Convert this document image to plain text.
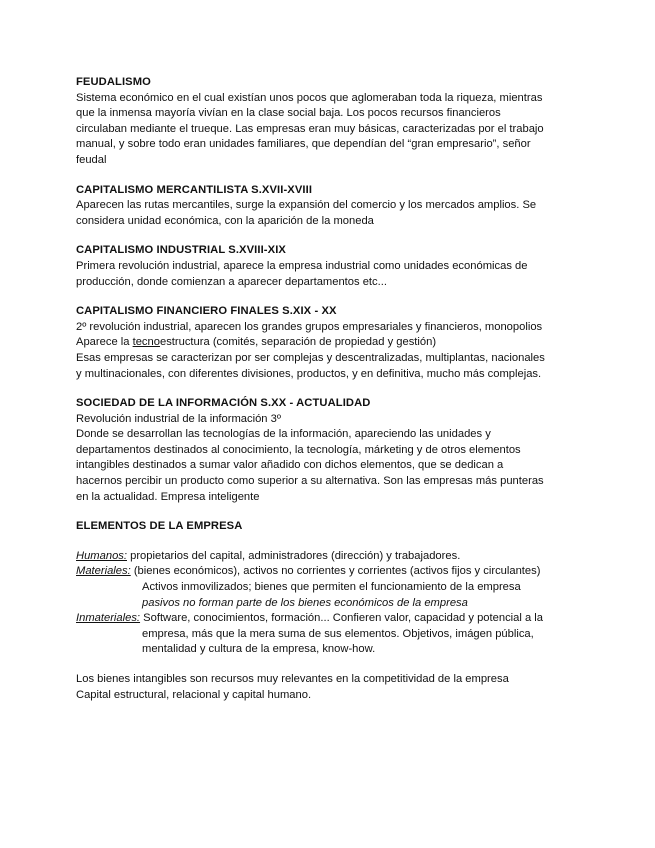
FEUDALISMO

Sistema económico en el cual existían unos pocos que aglomeraban toda la riqueza, mientras

que la inmensa mayoría vivían en la clase social baja. Los pocos recursos financieros

circulaban mediante el trueque. Las empresas eran muy básicas, caracterizadas por el trabajo

manual, y sobre todo eran unidades familiares, que dependían del “gran empresario”, señor

feudal

CAPITALISMO MERCANTILISTA S.XVII-XVIII

Aparecen las rutas mercantiles, surge la expansión del comercio y los mercados amplios. Se

considera unidad económica, con la aparición de la moneda

CAPITALISMO INDUSTRIAL S.XVIII-XIX

Primera revolución industrial, aparece la empresa industrial como unidades económicas de

producción, donde comienzan a aparecer departamentos etc...

CAPITALISMO FINANCIERO FINALES S.XIX - XX

2º revolución industrial, aparecen los grandes grupos empresariales y financieros, monopolios

Aparece la tecnoestructura (comités, separación de propiedad y gestión)

Esas empresas se caracterizan por ser complejas y descentralizadas, multiplantas, nacionales

y multinacionales, con diferentes divisiones, productos, y en definitiva, mucho más complejas.

SOCIEDAD DE LA INFORMACIÓN S.XX - ACTUALIDAD

Revolución industrial de la información 3º

Donde se desarrollan las tecnologías de la información, apareciendo las unidades y

departamentos destinados al conocimiento, la tecnología, márketing y de otros elementos

intangibles destinados a sumar valor añadido con dichos elementos, que se dedican a

hacernos percibir un producto como superior a su alternativa. Son las empresas más punteras

en la actualidad. Empresa inteligente

ELEMENTOS DE LA EMPRESA

Humanos: propietarios del capital, administradores (dirección) y trabajadores.

Materiales: (bienes económicos), activos no corrientes y corrientes (activos fijos y circulantes)

Activos inmovilizados; bienes que permiten el funcionamiento de la empresa

pasivos no forman parte de los bienes económicos de la empresa

Inmateriales: Software, conocimientos, formación... Confieren valor, capacidad y potencial a la

empresa, más que la mera suma de sus elementos. Objetivos, imágen pública,

mentalidad y cultura de la empresa, know-how.

Los bienes intangibles son recursos muy relevantes en la competitividad de la empresa

Capital estructural, relacional y capital humano.
